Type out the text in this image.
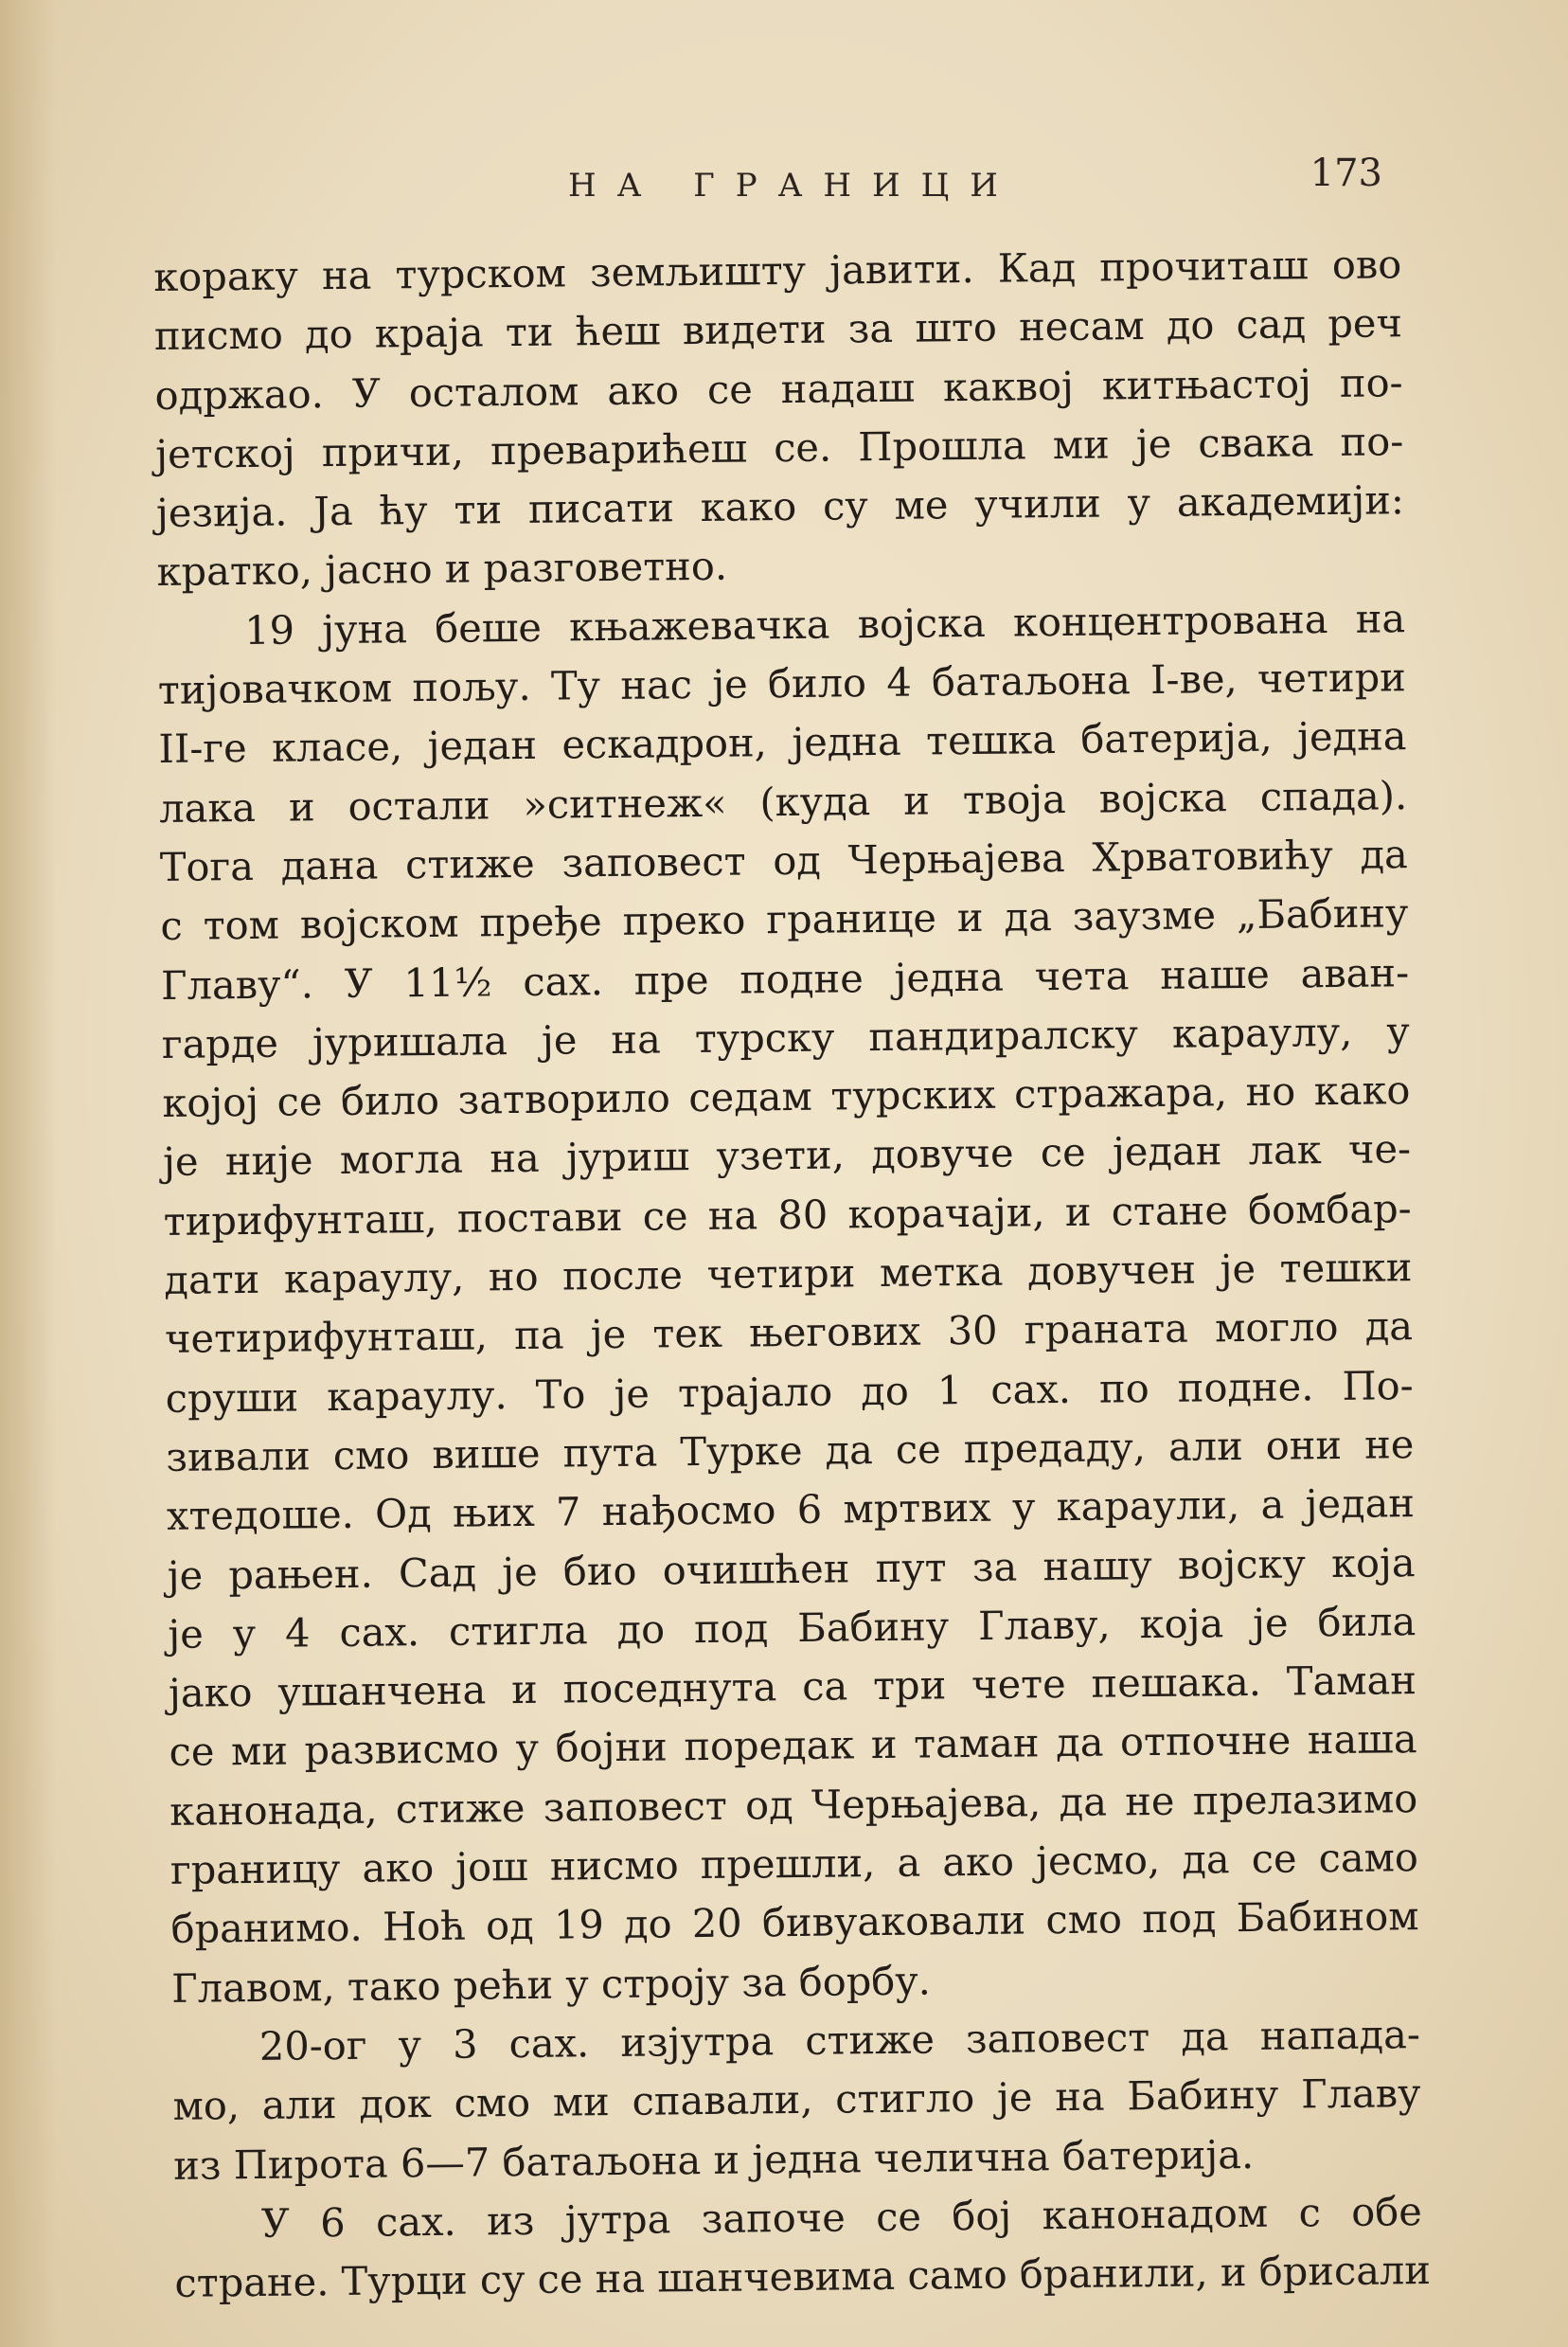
НА ГРАНИЦИ	173
кораку на турском земљишту јавити. Кад прочиташ ово
писмо до краја ти ћеш видети за што несам до сад реч
одржао. У осталом ако се надаш каквој китњастој по-
јетској причи, преварићеш се. Прошла ми је свака по-
језија. Ја ћу ти писати како су ме учили у академији:
кратко, јасно и разговетно.
19 јуна беше књажевачка војска концентрована на
тијовачком пољу. Ту нас је било 4 батаљона I-ве, четири
II-ге класе, један ескадрон, једна тешка батерија, једна
лака и остали »ситнеж« (куда и твоја војска спада).
Тога дана стиже заповест од Черњајева Хрватовићу да
с том војском пређе преко границе и да заузме „Бабину
Главу“. У 11½ сах. пре подне једна чета наше аван-
гарде јуришала је на турску пандиралску караулу, у
којој се било затворило седам турских стражара, но како
је није могла на јуриш узети, довуче се један лак че-
тирифунташ, постави се на 80 корачаји, и стане бомбар-
дати караулу, но после четири метка довучен је тешки
четирифунташ, па је тек његових 30 граната могло да
сруши караулу. То је трајало до 1 сах. по подне. По-
зивали смо више пута Турке да се предаду, али они не
хтедоше. Од њих 7 нађосмо 6 мртвих у караули, а један
је рањен. Сад је био очишћен пут за нашу војску која
је у 4 сах. стигла до под Бабину Главу, која је била
јако ушанчена и поседнута са три чете пешака. Таман
се ми развисмо у бојни поредак и таман да отпочне наша
канонада, стиже заповест од Черњајева, да не прелазимо
границу ако још нисмо прешли, а ако јесмо, да се само
бранимо. Ноћ од 19 до 20 бивуаковали смо под Бабином
Главом, тако рећи у строју за борбу.
20-ог у 3 сах. изјутра стиже заповест да напада-
мо, али док смо ми спавали, стигло је на Бабину Главу
из Пирота 6—7 батаљона и једна челична батерија.
У 6 сах. из јутра започе се бој канонадом с обе
стране. Турци су се на шанчевима само бранили, и брисали
